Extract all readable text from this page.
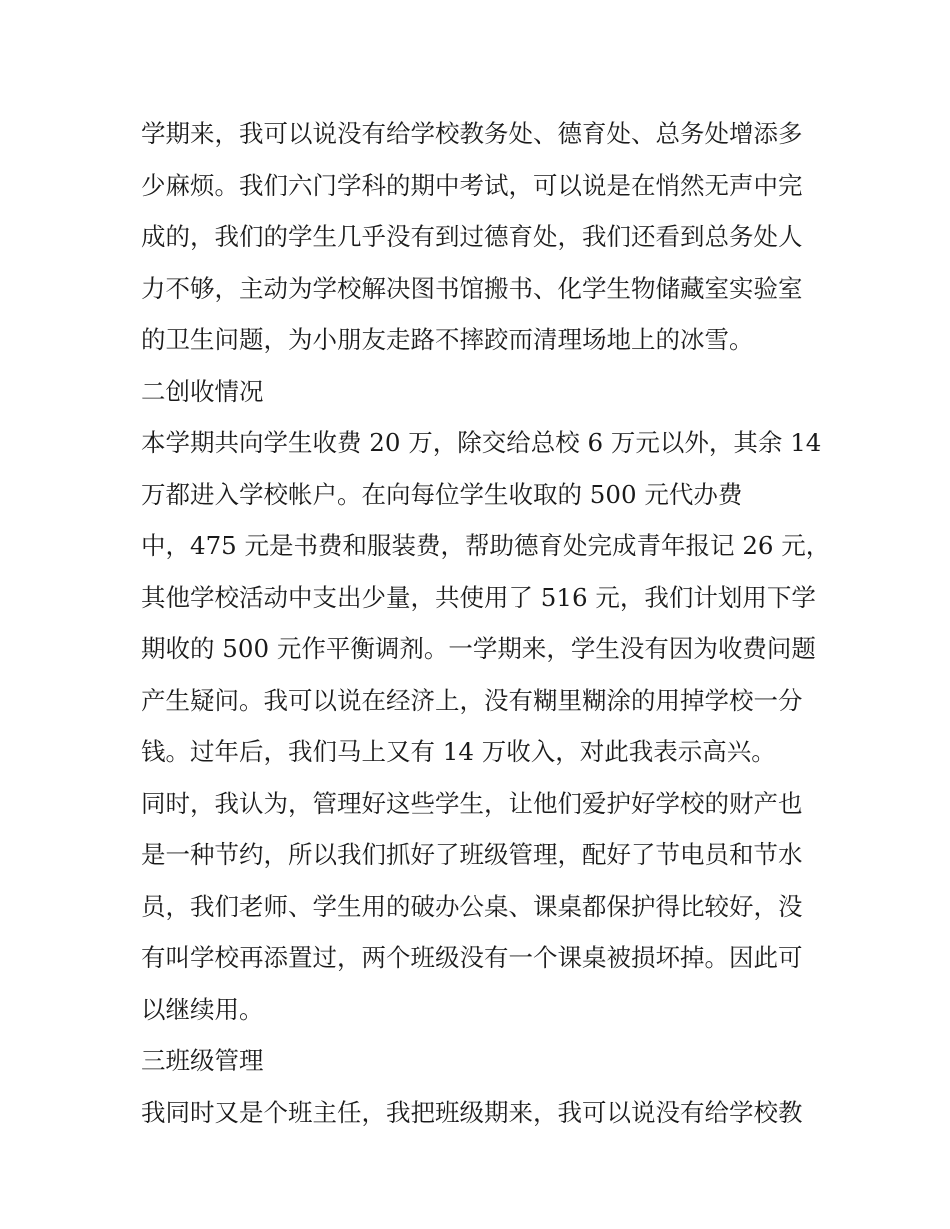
学期来，我可以说没有给学校教务处、德育处、总务处增添多
少麻烦。我们六门学科的期中考试，可以说是在悄然无声中完
成的，我们的学生几乎没有到过德育处，我们还看到总务处人
力不够，主动为学校解决图书馆搬书、化学生物储藏室实验室
的卫生问题，为小朋友走路不摔跤而清理场地上的冰雪。
二创收情况
本学期共向学生收费 20 万，除交给总校 6 万元以外，其余 14
万都进入学校帐户。在向每位学生收取的 500 元代办费
中，475 元是书费和服装费，帮助德育处完成青年报记 26 元，
其他学校活动中支出少量，共使用了 516 元，我们计划用下学
期收的 500 元作平衡调剂。一学期来，学生没有因为收费问题
产生疑问。我可以说在经济上，没有糊里糊涂的用掉学校一分
钱。过年后，我们马上又有 14 万收入，对此我表示高兴。
同时，我认为，管理好这些学生，让他们爱护好学校的财产也
是一种节约，所以我们抓好了班级管理，配好了节电员和节水
员，我们老师、学生用的破办公桌、课桌都保护得比较好，没
有叫学校再添置过，两个班级没有一个课桌被损坏掉。因此可
以继续用。
三班级管理
我同时又是个班主任，我把班级期来，我可以说没有给学校教
